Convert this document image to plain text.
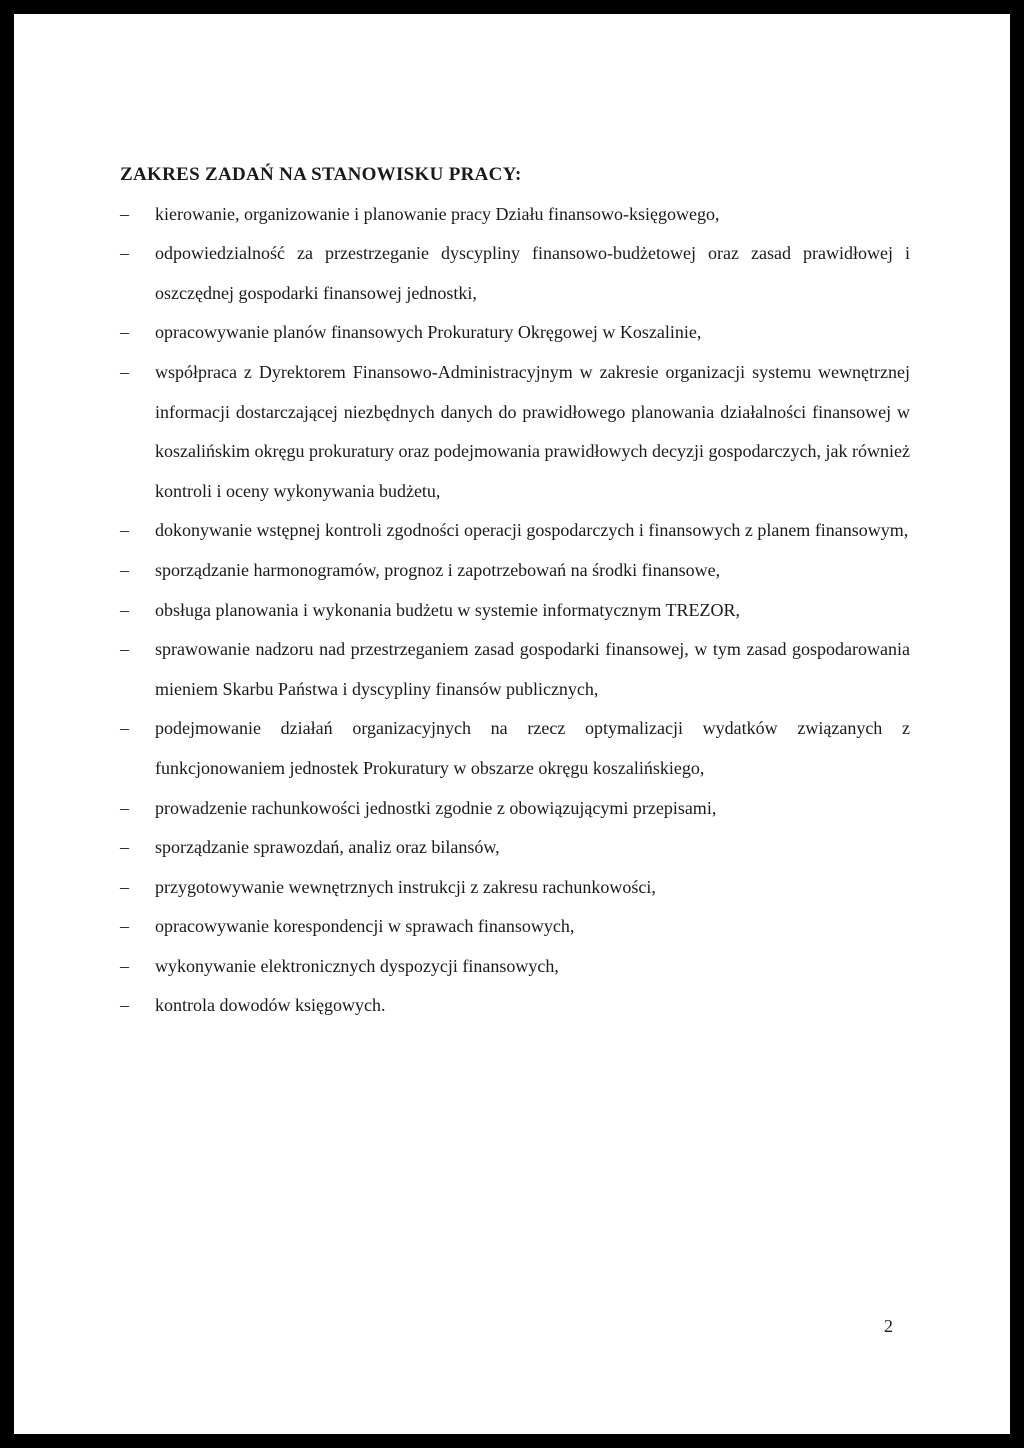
ZAKRES ZADAŃ NA STANOWISKU PRACY:

– kierowanie, organizowanie i planowanie pracy Działu finansowo-księgowego,
– odpowiedzialność za przestrzeganie dyscypliny finansowo-budżetowej oraz zasad prawidłowej i oszczędnej gospodarki finansowej jednostki,
– opracowywanie planów finansowych Prokuratury Okręgowej w Koszalinie,
– współpraca z Dyrektorem Finansowo-Administracyjnym w zakresie organizacji systemu wewnętrznej informacji dostarczającej niezbędnych danych do prawidłowego planowania działalności finansowej w koszalińskim okręgu prokuratury oraz podejmowania prawidłowych decyzji gospodarczych, jak również kontroli i oceny wykonywania budżetu,
– dokonywanie wstępnej kontroli zgodności operacji gospodarczych i finansowych z planem finansowym,
– sporządzanie harmonogramów, prognoz i zapotrzebowań na środki finansowe,
– obsługa planowania i wykonania budżetu w systemie informatycznym TREZOR,
– sprawowanie nadzoru nad przestrzeganiem zasad gospodarki finansowej, w tym zasad gospodarowania mieniem Skarbu Państwa i dyscypliny finansów publicznych,
– podejmowanie działań organizacyjnych na rzecz optymalizacji wydatków związanych z funkcjonowaniem jednostek Prokuratury w obszarze okręgu koszalińskiego,
– prowadzenie rachunkowości jednostki zgodnie z obowiązującymi przepisami,
– sporządzanie sprawozdań, analiz oraz bilansów,
– przygotowywanie wewnętrznych instrukcji z zakresu rachunkowości,
– opracowywanie korespondencji w sprawach finansowych,
– wykonywanie elektronicznych dyspozycji finansowych,
– kontrola dowodów księgowych.
2
